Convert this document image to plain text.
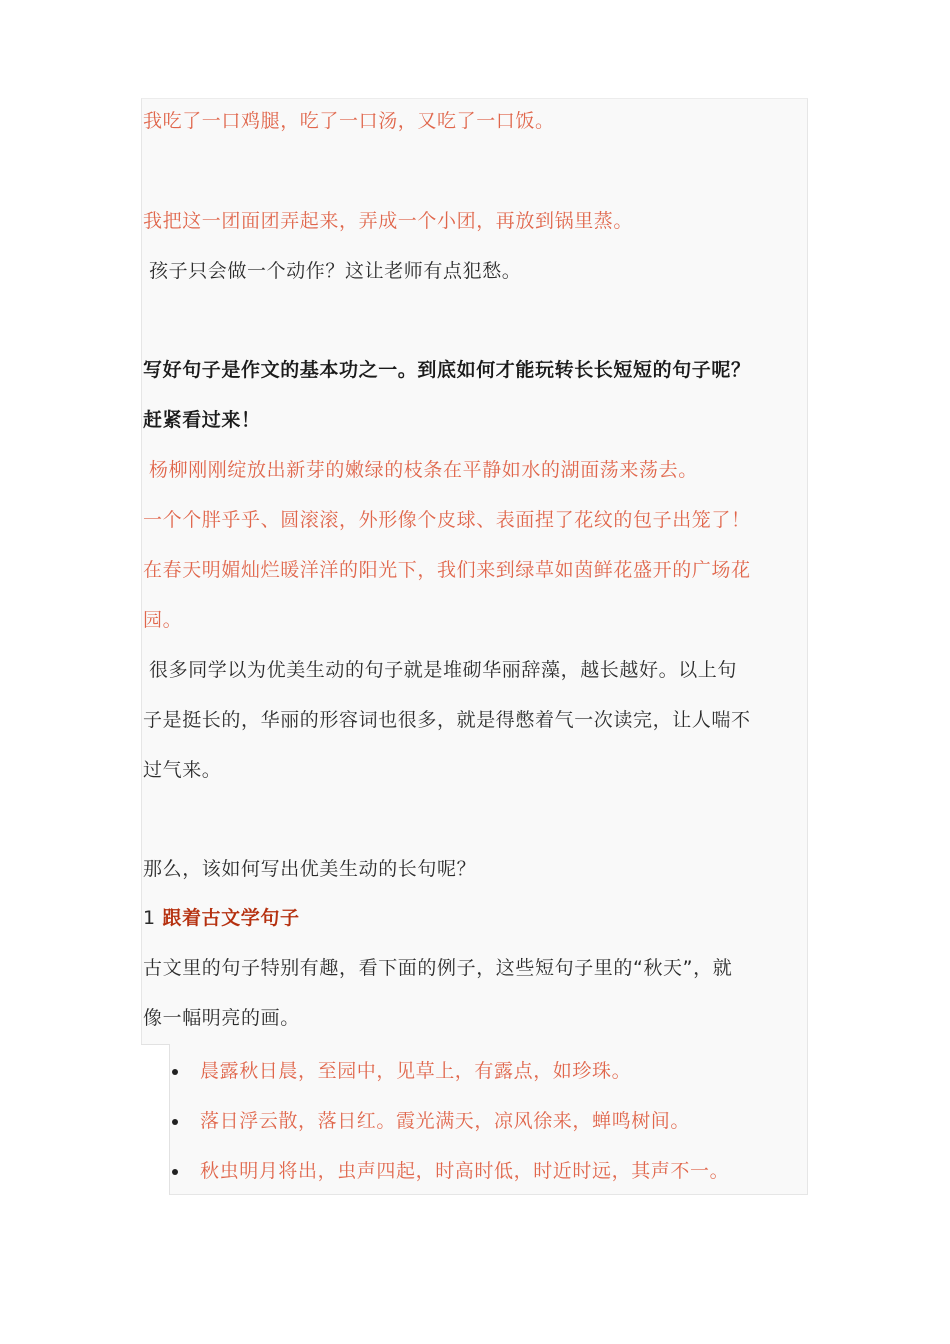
我吃了一口鸡腿，吃了一口汤，又吃了一口饭。
我把这一团面团弄起来，弄成一个小团，再放到锅里蒸。
孩子只会做一个动作？这让老师有点犯愁。
写好句子是作文的基本功之一。到底如何才能玩转长长短短的句子呢？
赶紧看过来！
杨柳刚刚绽放出新芽的嫩绿的枝条在平静如水的湖面荡来荡去。
一个个胖乎乎、圆滚滚，外形像个皮球、表面捏了花纹的包子出笼了！
在春天明媚灿烂暖洋洋的阳光下，我们来到绿草如茵鲜花盛开的广场花
园。
很多同学以为优美生动的句子就是堆砌华丽辞藻，越长越好。以上句
子是挺长的，华丽的形容词也很多，就是得憋着气一次读完，让人喘不
过气来。
那么，该如何写出优美生动的长句呢？
1 跟着古文学句子
古文里的句子特别有趣，看下面的例子，这些短句子里的“秋天”，就
像一幅明亮的画。
晨露秋日晨，至园中，见草上，有露点，如珍珠。
落日浮云散，落日红。霞光满天，凉风徐来，蝉鸣树间。
秋虫明月将出，虫声四起，时高时低，时近时远，其声不一。
